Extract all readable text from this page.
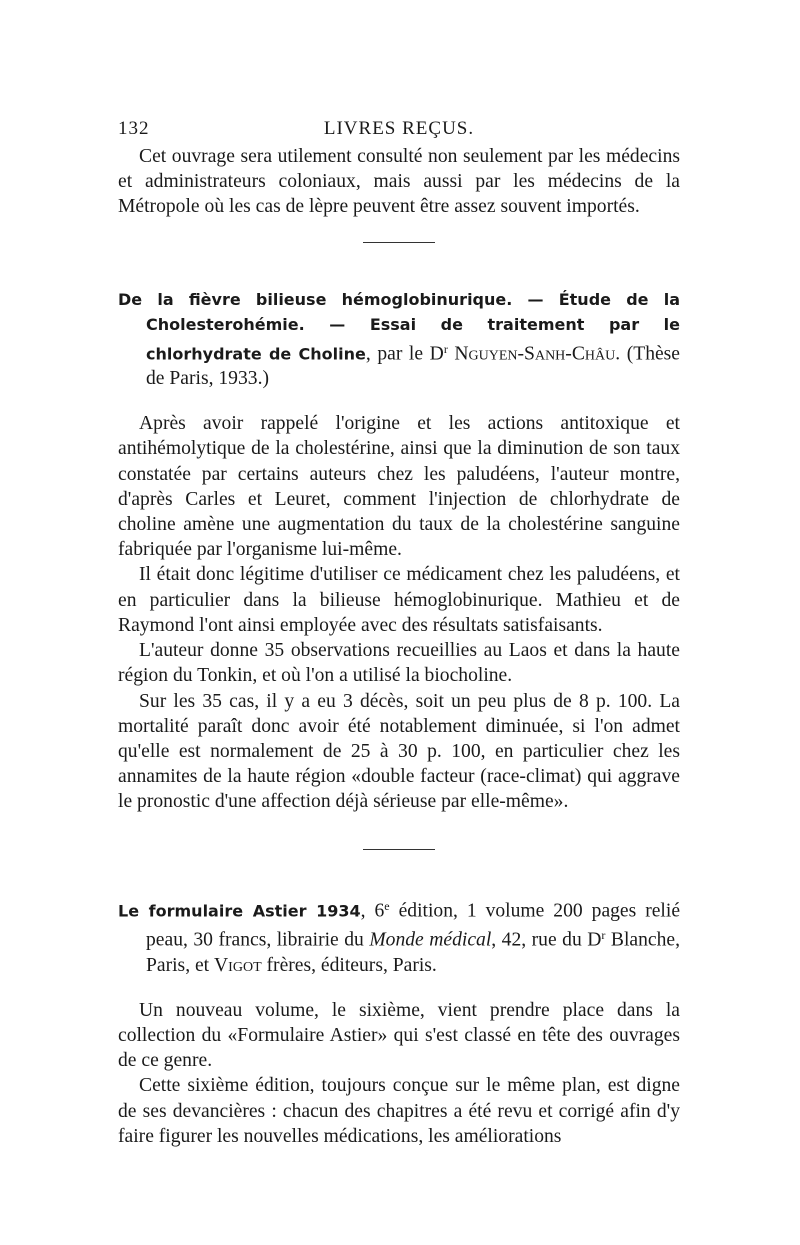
132	LIVRES REÇUS.

Cet ouvrage sera utilement consulté non seulement par les médecins et administrateurs coloniaux, mais aussi par les médecins de la Métropole où les cas de lèpre peuvent être assez souvent importés.

De la fièvre bilieuse hémoglobinurique. — Étude de la Cholesterohémie. — Essai de traitement par le chlorhydrate de Choline, par le $D^r$ Nguyen-Sanh-Châu. (Thèse de Paris, 1933.)

Après avoir rappelé l'origine et les actions antitoxique et antihémolytique de la cholestérine, ainsi que la diminution de son taux constatée par certains auteurs chez les paludéens, l'auteur montre, d'après Carles et Leuret, comment l'injection de chlorhydrate de choline amène une augmentation du taux de la cholestérine sanguine fabriquée par l'organisme lui-même.

Il était donc légitime d'utiliser ce médicament chez les paludéens, et en particulier dans la bilieuse hémoglobinurique. Mathieu et de Raymond l'ont ainsi employée avec des résultats satisfaisants.

L'auteur donne 35 observations recueillies au Laos et dans la haute région du Tonkin, et où l'on a utilisé la biocholine.

Sur les 35 cas, il y a eu 3 décès, soit un peu plus de 8 p. 100. La mortalité paraît donc avoir été notablement diminuée, si l'on admet qu'elle est normalement de 25 à 30 p. 100, en particulier chez les annamites de la haute région «double facteur (race-climat) qui aggrave le pronostic d'une affection déjà sérieuse par elle-même».

Le formulaire Astier 1934, 6e édition, 1 volume 200 pages relié peau, 30 francs, librairie du Monde médical, 42, rue du $D^r$ Blanche, Paris, et Vigot frères, éditeurs, Paris.

Un nouveau volume, le sixième, vient prendre place dans la collection du «Formulaire Astier» qui s'est classé en tête des ouvrages de ce genre.

Cette sixième édition, toujours conçue sur le même plan, est digne de ses devancières : chacun des chapitres a été revu et corrigé afin d'y faire figurer les nouvelles médications, les améliorations
